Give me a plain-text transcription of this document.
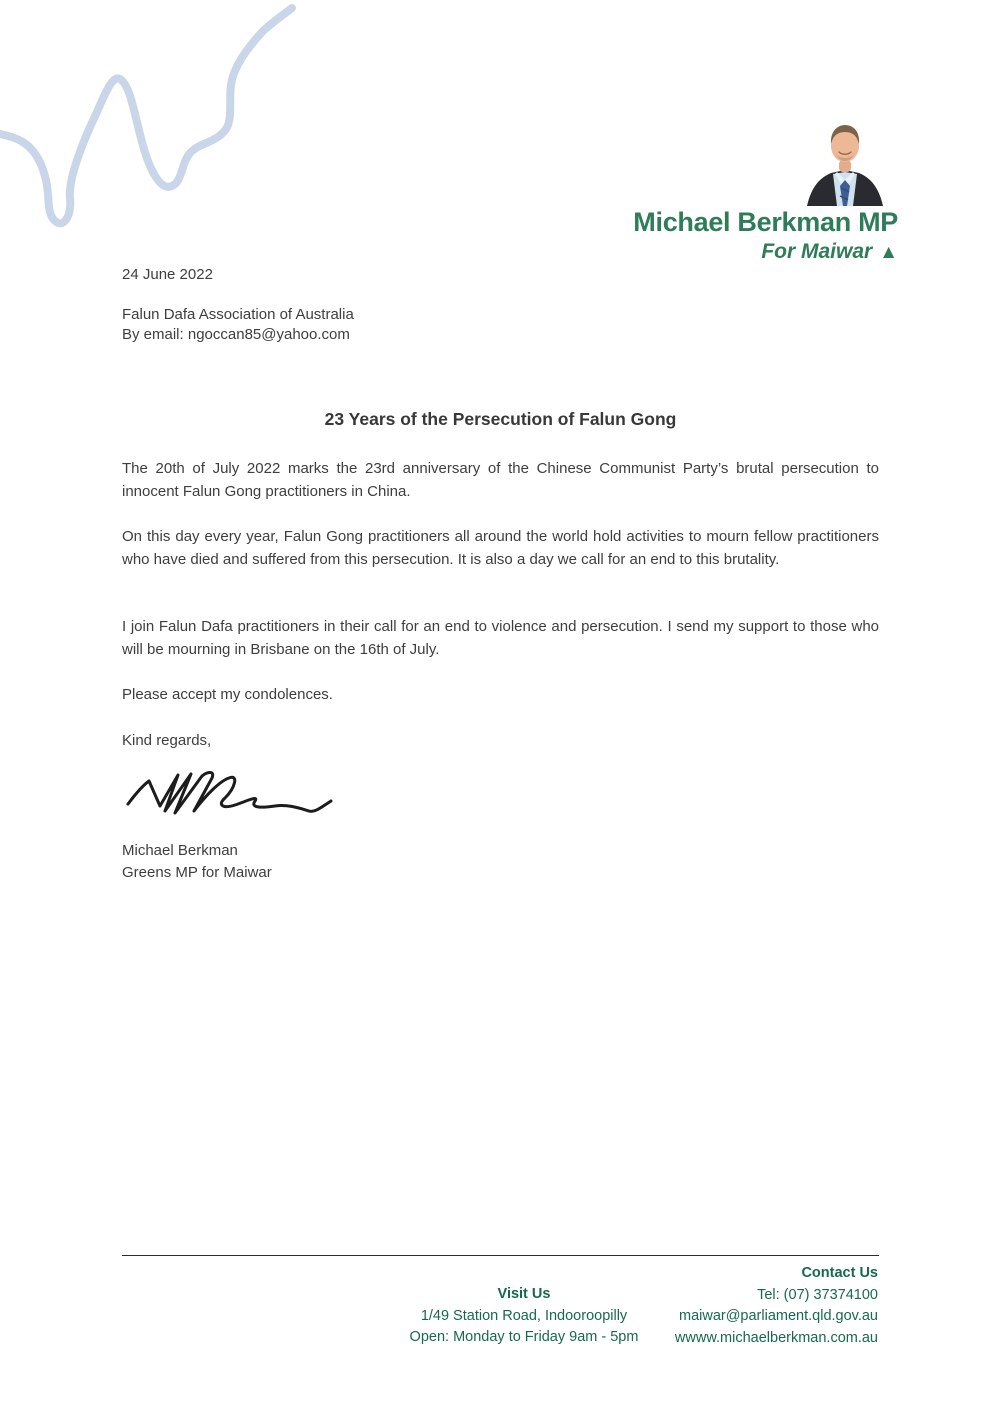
Michael Berkman MP
For Maiwar ▲
24 June 2022
Falun Dafa Association of Australia
By email: ngoccan85@yahoo.com
23 Years of the Persecution of Falun Gong
The 20th of July 2022 marks the 23rd anniversary of the Chinese Communist Party’s brutal persecution to innocent Falun Gong practitioners in China.
On this day every year, Falun Gong practitioners all around the world hold activities to mourn fellow practitioners who have died and suffered from this persecution. It is also a day we call for an end to this brutality.
I join Falun Dafa practitioners in their call for an end to violence and persecution. I send my support to those who will be mourning in Brisbane on the 16th of July.
Please accept my condolences.
Kind regards,
Michael Berkman
Greens MP for Maiwar
Visit Us
1/49 Station Road, Indooroopilly
Open: Monday to Friday 9am - 5pm
Contact Us
Tel: (07) 37374100
maiwar@parliament.qld.gov.au
wwww.michaelberkman.com.au
